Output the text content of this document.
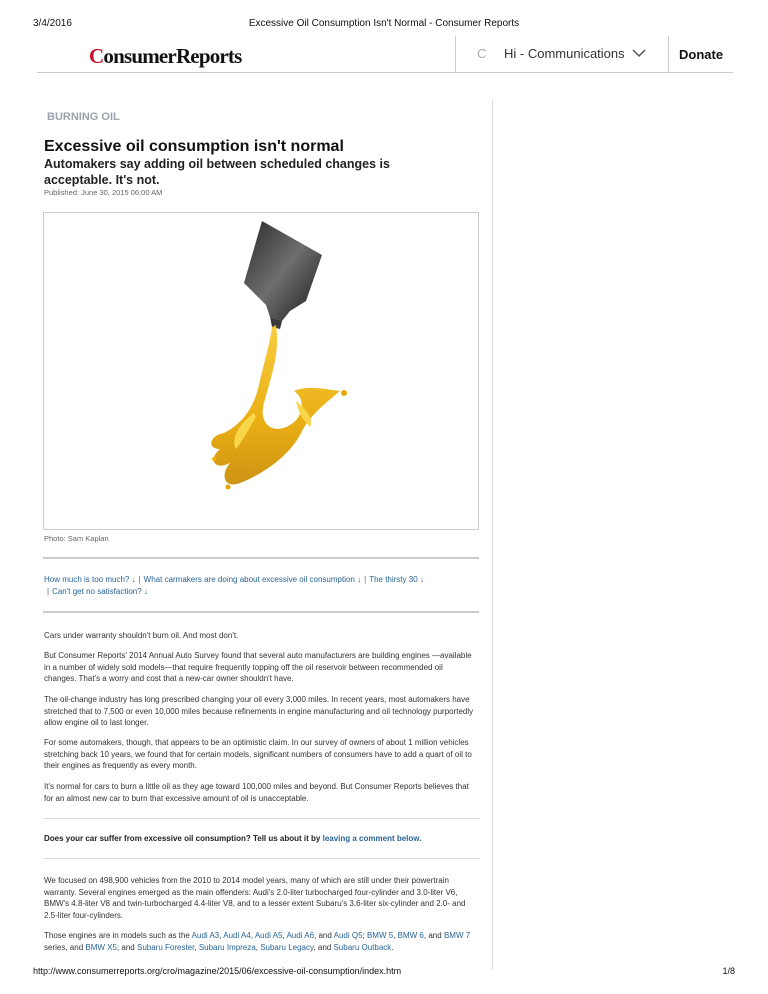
3/4/2016	Excessive Oil Consumption Isn't Normal - Consumer Reports
ConsumerReports	C Hi - Communications	Donate
BURNING OIL
Excessive oil consumption isn't normal
Automakers say adding oil between scheduled changes is acceptable. It's not.
Published: June 30, 2015 06:00 AM
Photo: Sam Kaplan
How much is too much? ↓ | What carmakers are doing about excessive oil consumption ↓ | The thirsty 30 ↓
| Can't get no satisfaction? ↓
Cars under warranty shouldn't burn oil. And most don't.
But Consumer Reports' 2014 Annual Auto Survey found that several auto manufacturers are building engines —available in a number of widely sold models—that require frequently topping off the oil reservoir between recommended oil changes. That's a worry and cost that a new-car owner shouldn't have.
The oil-change industry has long prescribed changing your oil every 3,000 miles. In recent years, most automakers have stretched that to 7,500 or even 10,000 miles because refinements in engine manufacturing and oil technology purportedly allow engine oil to last longer.
For some automakers, though, that appears to be an optimistic claim. In our survey of owners of about 1 million vehicles stretching back 10 years, we found that for certain models, significant numbers of consumers have to add a quart of oil to their engines as frequently as every month.
It's normal for cars to burn a little oil as they age toward 100,000 miles and beyond. But Consumer Reports believes that for an almost new car to burn that excessive amount of oil is unacceptable.
Does your car suffer from excessive oil consumption? Tell us about it by leaving a comment below.
We focused on 498,900 vehicles from the 2010 to 2014 model years, many of which are still under their powertrain warranty. Several engines emerged as the main offenders: Audi's 2.0-liter turbocharged four-cylinder and 3.0-liter V6, BMW's 4.8-liter V8 and twin-turbocharged 4.4-liter V8, and to a lesser extent Subaru's 3.6-liter six-cylinder and 2.0- and 2.5-liter four-cylinders.
Those engines are in models such as the Audi A3, Audi A4, Audi A5, Audi A6, and Audi Q5; BMW 5, BMW 6, and BMW 7 series, and BMW X5; and Subaru Forester, Subaru Impreza, Subaru Legacy, and Subaru Outback.
http://www.consumerreports.org/cro/magazine/2015/06/excessive-oil-consumption/index.htm	1/8
